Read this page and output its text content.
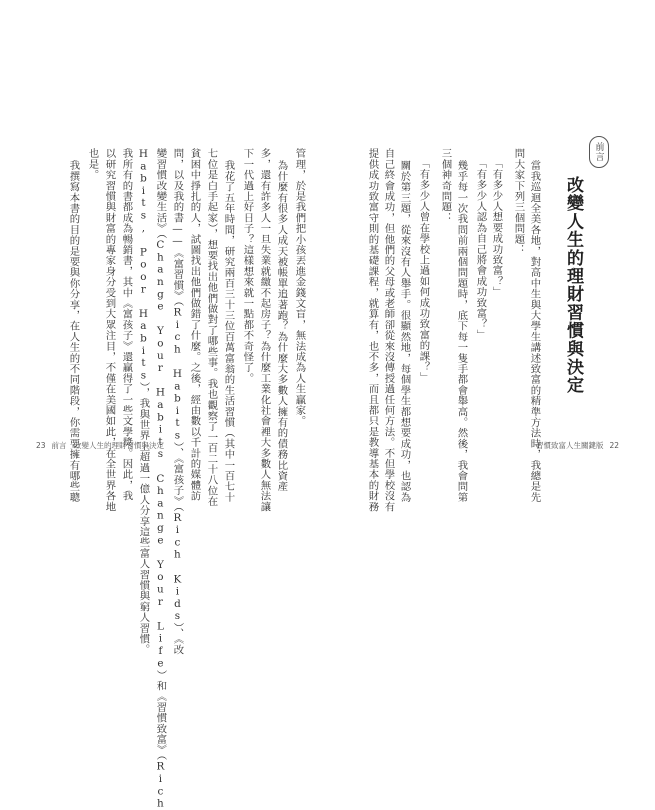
前言
改變人生的理財習慣與決定
當我巡迴全美各地，對高中生與大學生講述致富的精準方法時，我總是先
問大家下列三個問題：
「有多少人想要成功致富？」
「有多少人認為自己將會成功致富？」
幾乎每一次我問前兩個問題時，底下每一隻手都會舉高。然後，我會問第
三個神奇問題：
「有多少人曾在學校上過如何成功致富的課？」
關於第三題，從來沒有人舉手。很顯然地，每個學生都想要成功，也認為
自己終會成功，但他們的父母或老師卻從來沒傳授過任何方法。不但學校沒有
提供成功致富守則的基礎課程，就算有，也不多，而且都只是教導基本的財務
管理，於是我們把小孩丟進金錢文盲，無法成為人生贏家。
為什麼有很多人成天被帳單追著跑？為什麼大多數人擁有的債務比資產
多，還有許多人一旦失業就繳不起房子？為什麼工業化社會裡大多數人無法讓
下一代過上好日子？這樣想來就一點都不奇怪了。
我花了五年時間，研究兩百三十三位百萬富翁的生活習慣（其中一百七十
七位是白手起家），想要找出他們做對了哪些事。我也觀察了一百二十八位在
貧困中掙扎的人，試圖找出他們做錯了什麼。之後，經由數以千計的媒體訪
問，以及我的書——《富習慣》（Rich Habits）、《富孩子》（Rich Kids）、《改
變習慣改變生活》（Change Your Habits Change Your Life）和《習慣致富》（Rich
Habits, Poor Habits），我與世界上超過一億人分享這些富人習慣與窮人習慣。
我所有的書都成為暢銷書，其中《富孩子》還贏得了一些文學獎。因此，我
以研究習慣與財富的專家身分受到大眾注目，不僅在美國如此，在全世界各地
也是。
我撰寫本書的目的是要與你分享，在人生的不同階段，你需要擁有哪些聰
23 前言　改變人生的理財習慣與決定	習慣致富人生關鍵版 22
